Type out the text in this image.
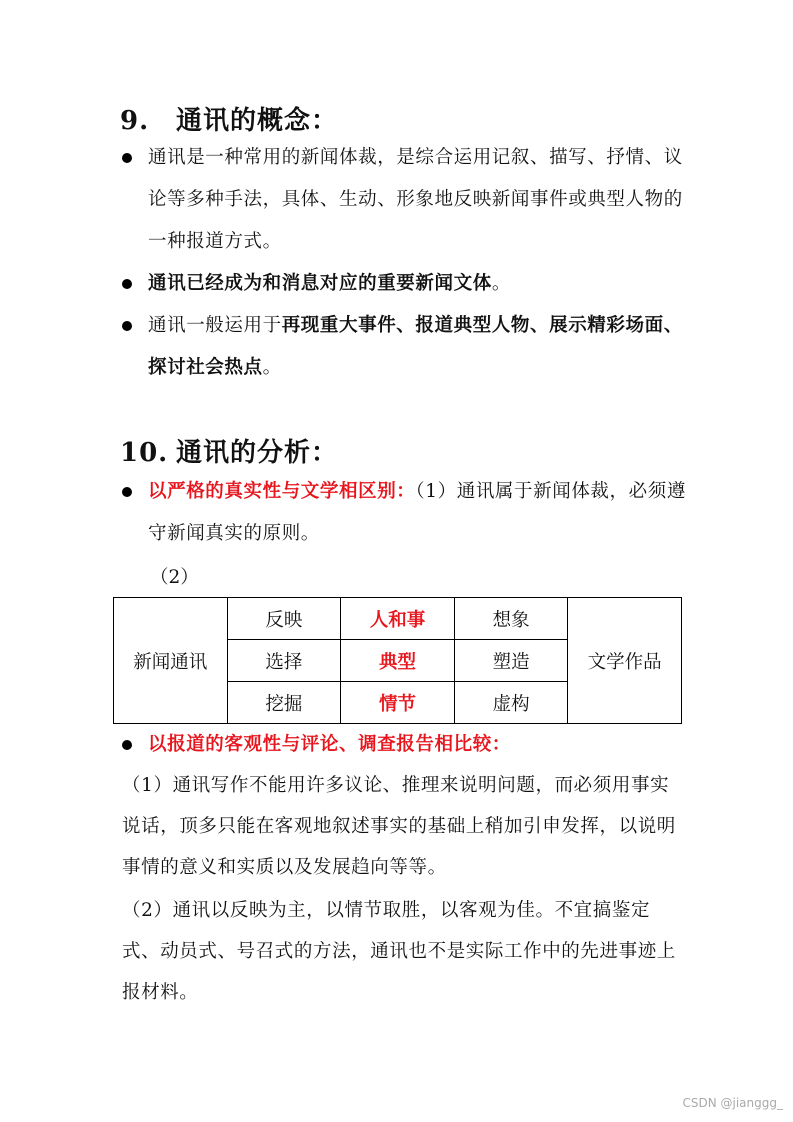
9. 通讯的概念：
通讯是一种常用的新闻体裁，是综合运用记叙、描写、抒情、议论等多种手法，具体、生动、形象地反映新闻事件或典型人物的一种报道方式。
通讯已经成为和消息对应的重要新闻文体。
通讯一般运用于再现重大事件、报道典型人物、展示精彩场面、探讨社会热点。
10. 通讯的分析：
以严格的真实性与文学相区别：（1）通讯属于新闻体裁，必须遵守新闻真实的原则。
（2）
新闻通讯	反映	人和事	想象	文学作品
	选择	典型	塑造	
	挖掘	情节	虚构	
以报道的客观性与评论、调查报告相比较：
（1）通讯写作不能用许多议论、推理来说明问题，而必须用事实说话，顶多只能在客观地叙述事实的基础上稍加引申发挥，以说明事情的意义和实质以及发展趋向等等。
（2）通讯以反映为主，以情节取胜，以客观为佳。不宜搞鉴定式、动员式、号召式的方法，通讯也不是实际工作中的先进事迹上报材料。
CSDN @jianggg_
